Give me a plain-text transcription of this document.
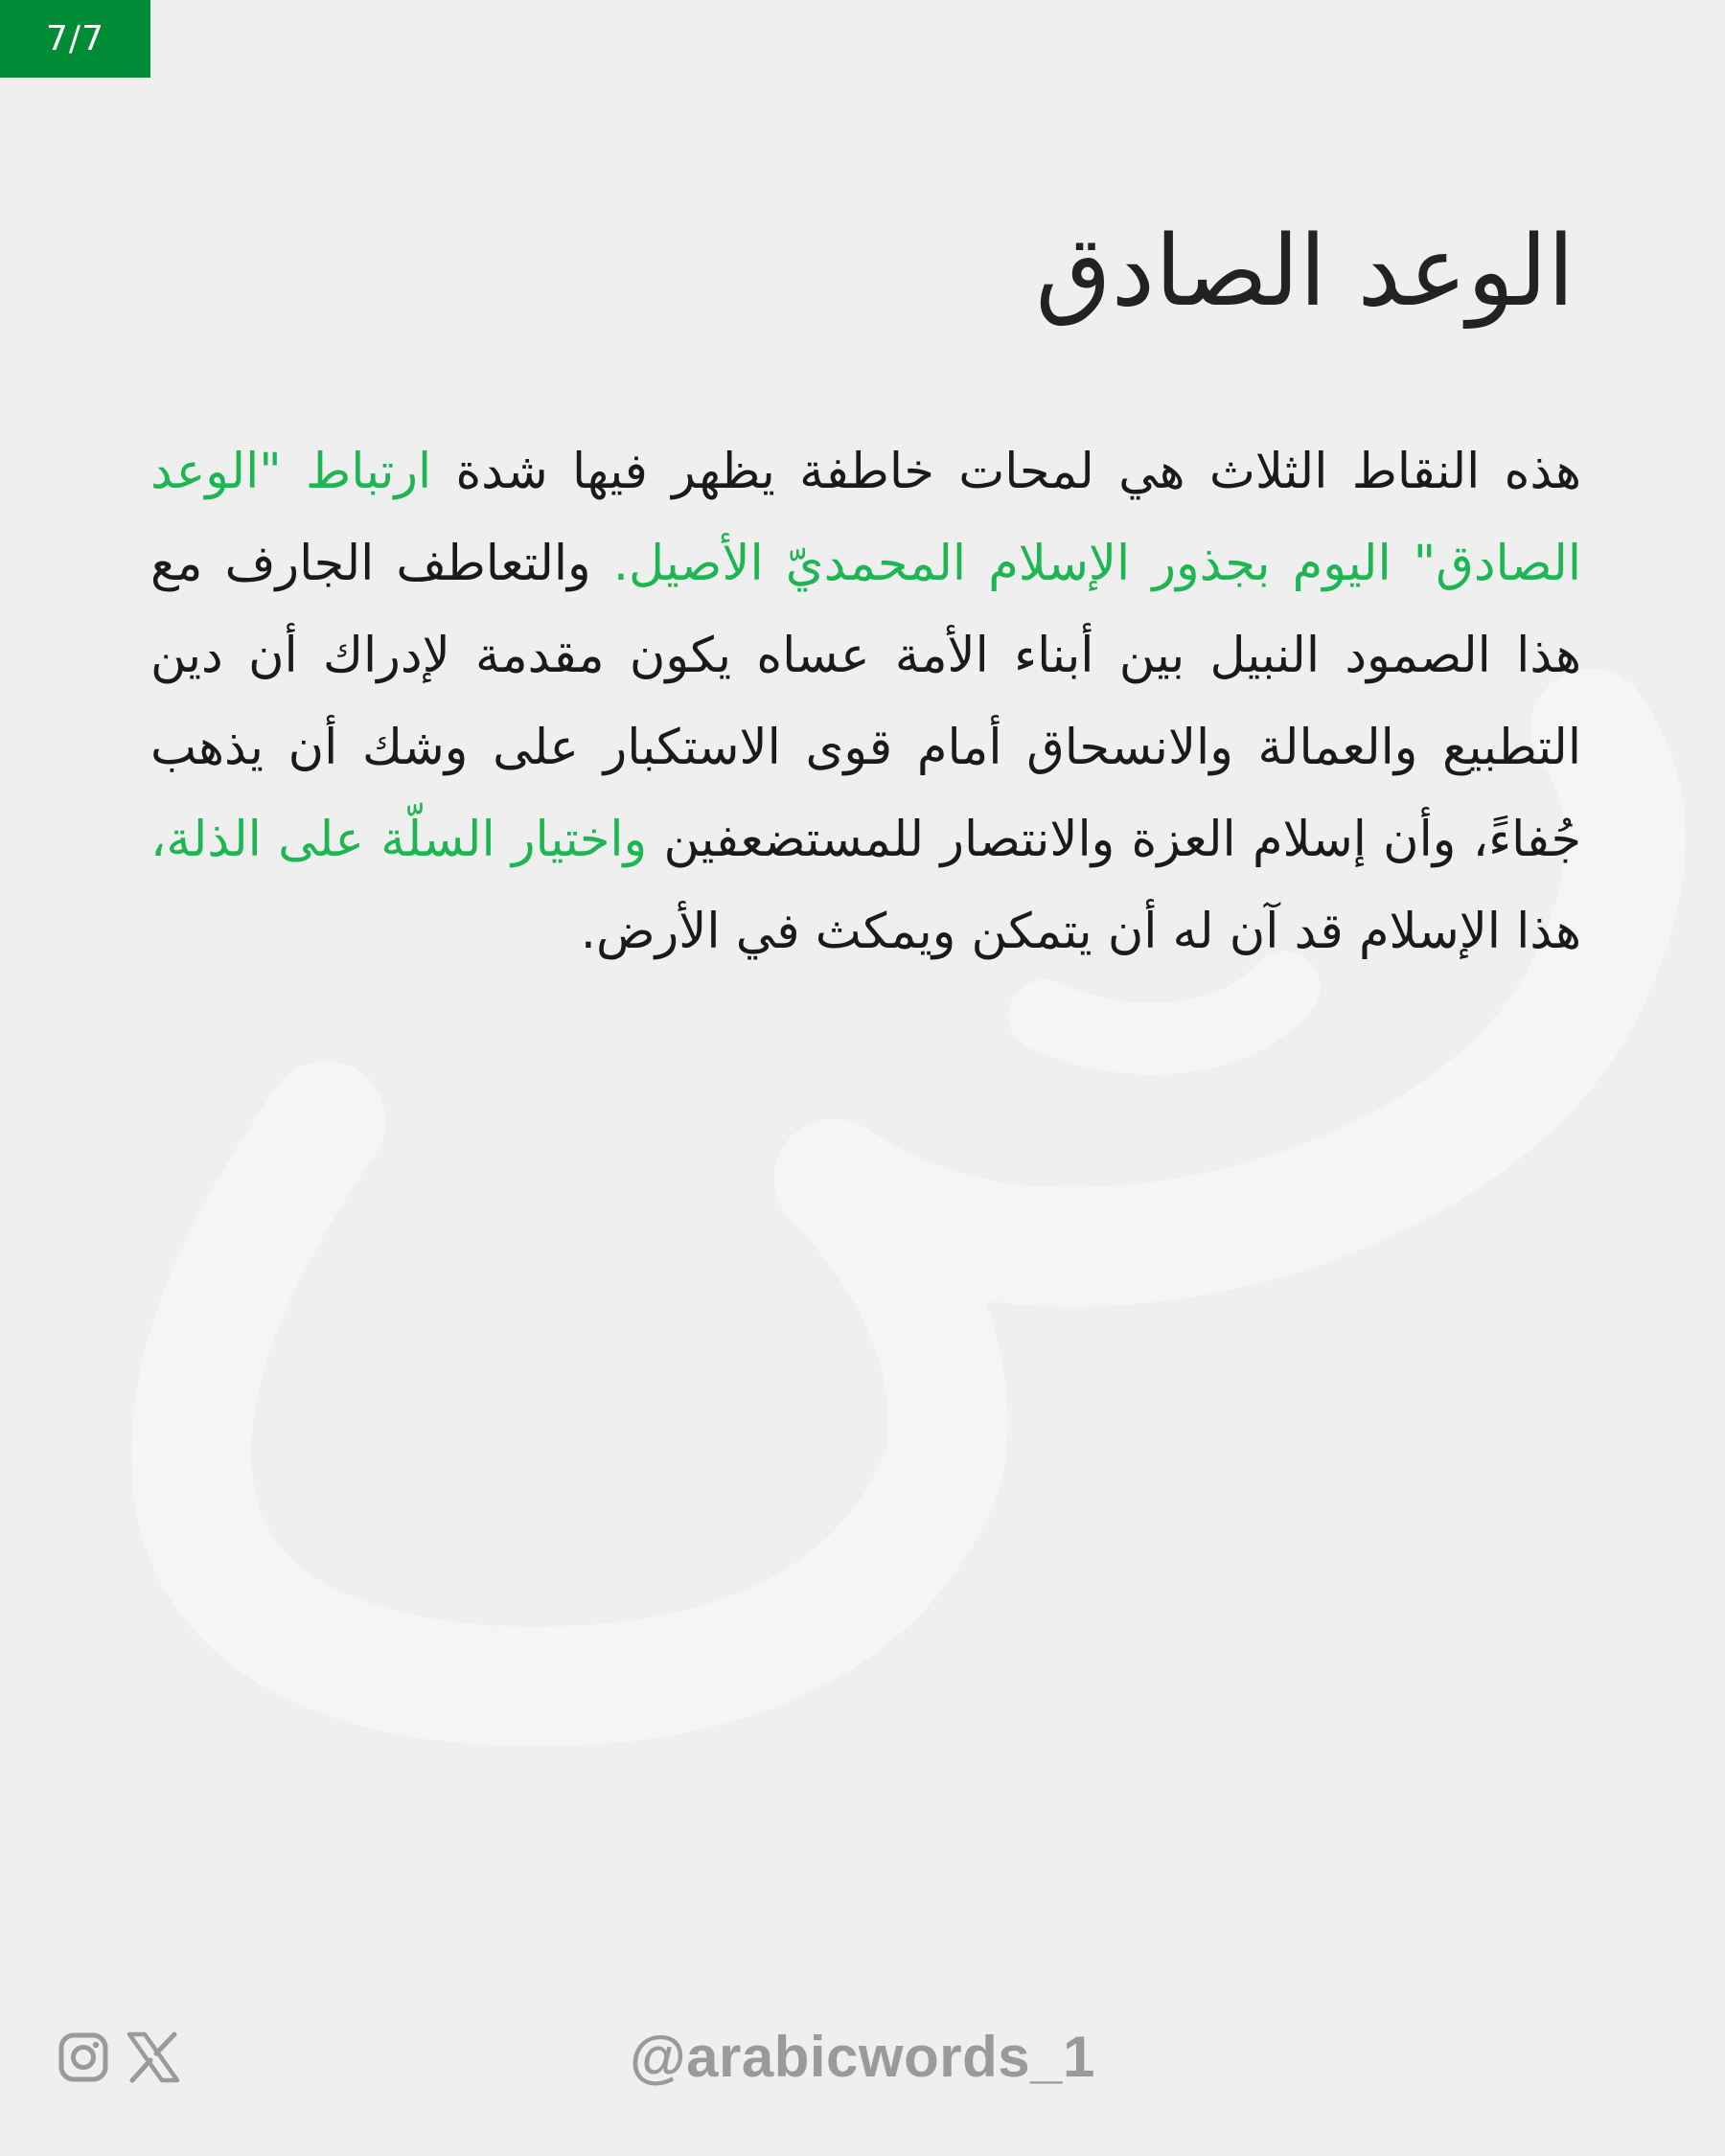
7/7
الوعد الصادق

هذه النقاط الثلاث هي لمحات خاطفة يظهر فيها شدة ارتباط "الوعد الصادق" اليوم بجذور الإسلام المحمديّ الأصيل. والتعاطف الجارف مع هذا الصمود النبيل بين أبناء الأمة عساه يكون مقدمة لإدراك أن دين التطبيع والعمالة والانسحاق أمام قوى الاستكبار على وشك أن يذهب جُفاءً، وأن إسلام العزة والانتصار للمستضعفين واختيار السلّة على الذلة، هذا الإسلام قد آن له أن يتمكن ويمكث في الأرض.

@arabicwords_1
